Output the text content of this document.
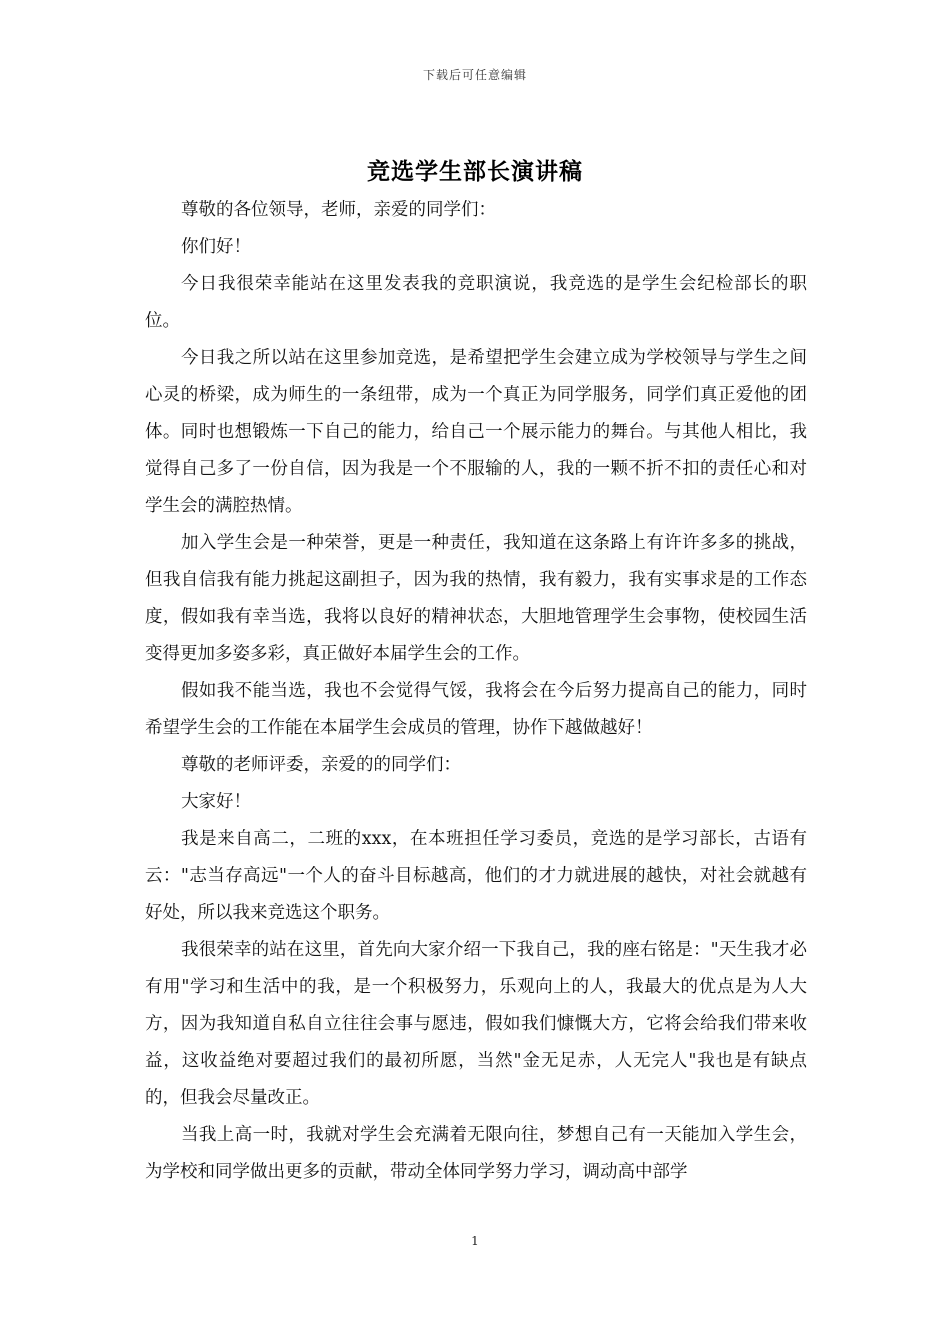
下载后可任意编辑
竞选学生部长演讲稿

尊敬的各位领导，老师，亲爱的同学们：

你们好！

今日我很荣幸能站在这里发表我的竞职演说，我竞选的是学生会纪检部长的职位。

今日我之所以站在这里参加竞选，是希望把学生会建立成为学校领导与学生之间心灵的桥梁，成为师生的一条纽带，成为一个真正为同学服务，同学们真正爱他的团体。同时也想锻炼一下自己的能力，给自己一个展示能力的舞台。与其他人相比，我觉得自己多了一份自信，因为我是一个不服输的人，我的一颗不折不扣的责任心和对学生会的满腔热情。

加入学生会是一种荣誉，更是一种责任，我知道在这条路上有许许多多的挑战，但我自信我有能力挑起这副担子，因为我的热情，我有毅力，我有实事求是的工作态度，假如我有幸当选，我将以良好的精神状态，大胆地管理学生会事物，使校园生活变得更加多姿多彩，真正做好本届学生会的工作。

假如我不能当选，我也不会觉得气馁，我将会在今后努力提高自己的能力，同时希望学生会的工作能在本届学生会成员的管理，协作下越做越好！

尊敬的老师评委，亲爱的的同学们：

大家好！

我是来自高二，二班的xxx，在本班担任学习委员，竞选的是学习部长，古语有云："志当存高远"一个人的奋斗目标越高，他们的才力就进展的越快，对社会就越有好处，所以我来竞选这个职务。

我很荣幸的站在这里，首先向大家介绍一下我自己，我的座右铭是："天生我才必有用"学习和生活中的我，是一个积极努力，乐观向上的人，我最大的优点是为人大方，因为我知道自私自立往往会事与愿违，假如我们慷慨大方，它将会给我们带来收益，这收益绝对要超过我们的最初所愿，当然"金无足赤，人无完人"我也是有缺点的，但我会尽量改正。

当我上高一时，我就对学生会充满着无限向往，梦想自己有一天能加入学生会，为学校和同学做出更多的贡献，带动全体同学努力学习，调动高中部学

1
